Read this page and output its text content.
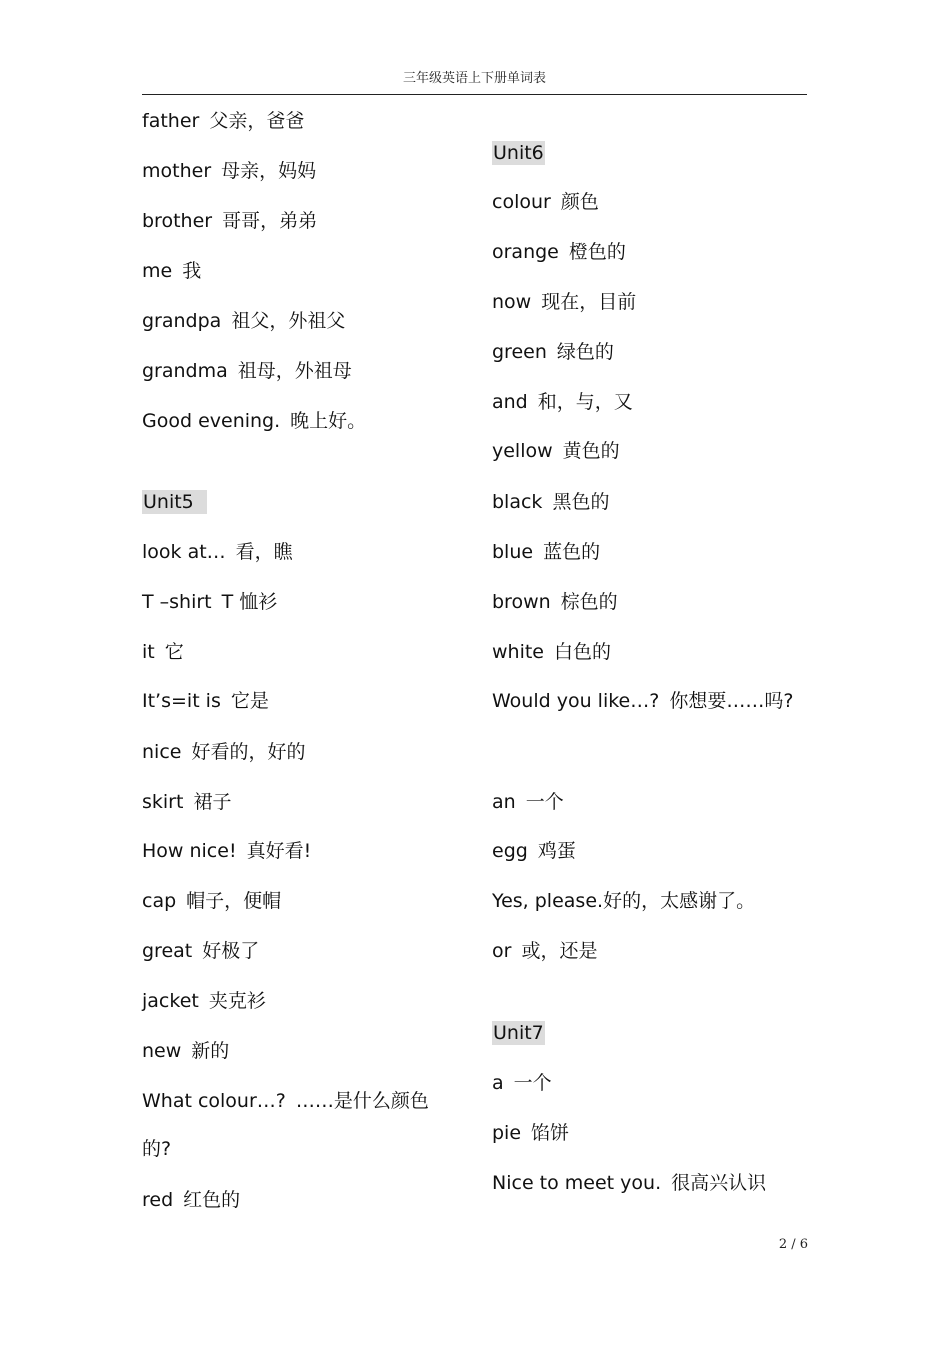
三年级英语上下册单词表
father 父亲，爸爸
mother 母亲，妈妈
brother 哥哥，弟弟
me 我
grandpa 祖父，外祖父
grandma 祖母，外祖母
Good evening. 晚上好。
Unit5
look at… 看，瞧
T –shirt T 恤衫
it 它
It’s=it is 它是
nice 好看的，好的
skirt 裙子
How nice! 真好看!
cap 帽子，便帽
great 好极了
jacket 夹克衫
new 新的
What colour…? ……是什么颜色的?
red 红色的
Unit6
colour 颜色
orange 橙色的
now 现在，目前
green 绿色的
and 和，与，又
yellow 黄色的
black 黑色的
blue 蓝色的
brown 棕色的
white 白色的
Would you like…? 你想要……吗?
an 一个
egg 鸡蛋
Yes, please.好的，太感谢了。
or 或，还是
Unit7
a 一个
pie 馅饼
Nice to meet you. 很高兴认识
2 / 6
